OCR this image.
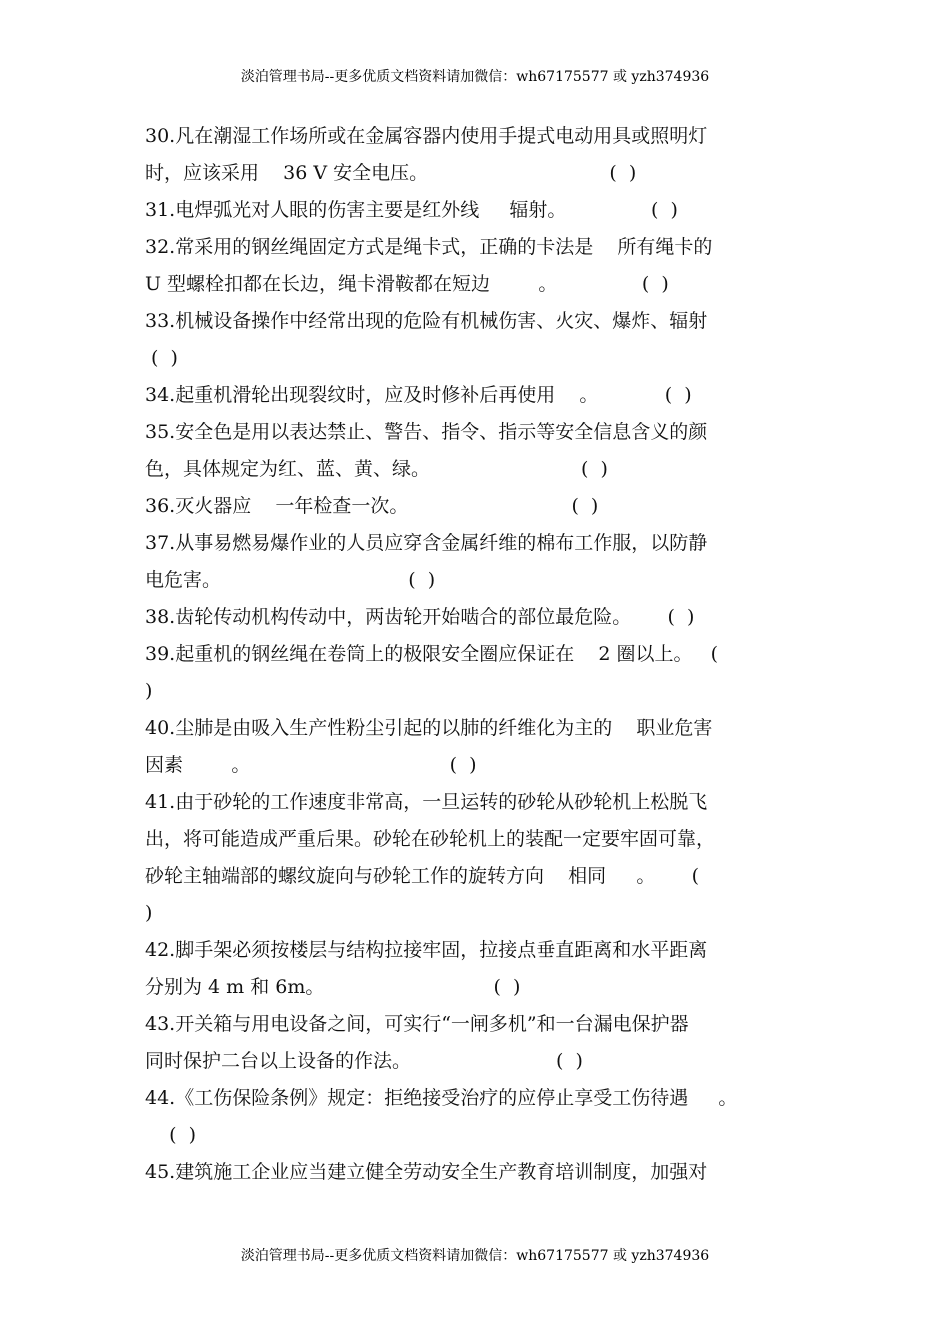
淡泊管理书局--更多优质文档资料请加微信：wh67175577 或 yzh374936
30.凡在潮湿工作场所或在金属容器内使用手提式电动用具或照明灯
时，应该采用    36 V 安全电压。                              (  )
31.电焊弧光对人眼的伤害主要是红外线     辐射。              (  )
32.常采用的钢丝绳固定方式是绳卡式，正确的卡法是    所有绳卡的
U 型螺栓扣都在长边，绳卡滑鞍都在短边        。              (  )
33.机械设备操作中经常出现的危险有机械伤害、火灾、爆炸、辐射
(  )
34.起重机滑轮出现裂纹时，应及时修补后再使用    。           (  )
35.安全色是用以表达禁止、警告、指令、指示等安全信息含义的颜
色，具体规定为红、蓝、黄、绿。                         (  )
36.灭火器应    一年检查一次。                           (  )
37.从事易燃易爆作业的人员应穿含金属纤维的棉布工作服，以防静
电危害。                               (  )
38.齿轮传动机构传动中，两齿轮开始啮合的部位最危险。      (  )
39.起重机的钢丝绳在卷筒上的极限安全圈应保证在    2 圈以上。   (
)
40.尘肺是由吸入生产性粉尘引起的以肺的纤维化为主的    职业危害
因素        。                                 (  )
41.由于砂轮的工作速度非常高，一旦运转的砂轮从砂轮机上松脱飞
出，将可能造成严重后果。砂轮在砂轮机上的装配一定要牢固可靠，
砂轮主轴端部的螺纹旋向与砂轮工作的旋转方向    相同     。      (
)
42.脚手架必须按楼层与结构拉接牢固，拉接点垂直距离和水平距离
分别为 4 m 和 6m。                            (  )
43.开关箱与用电设备之间，可实行“一闸多机”和一台漏电保护器
同时保护二台以上设备的作法。                        (  )
44.《工伤保险条例》规定：拒绝接受治疗的应停止享受工伤待遇     。
(  )
45.建筑施工企业应当建立健全劳动安全生产教育培训制度，加强对
淡泊管理书局--更多优质文档资料请加微信：wh67175577 或 yzh374936
